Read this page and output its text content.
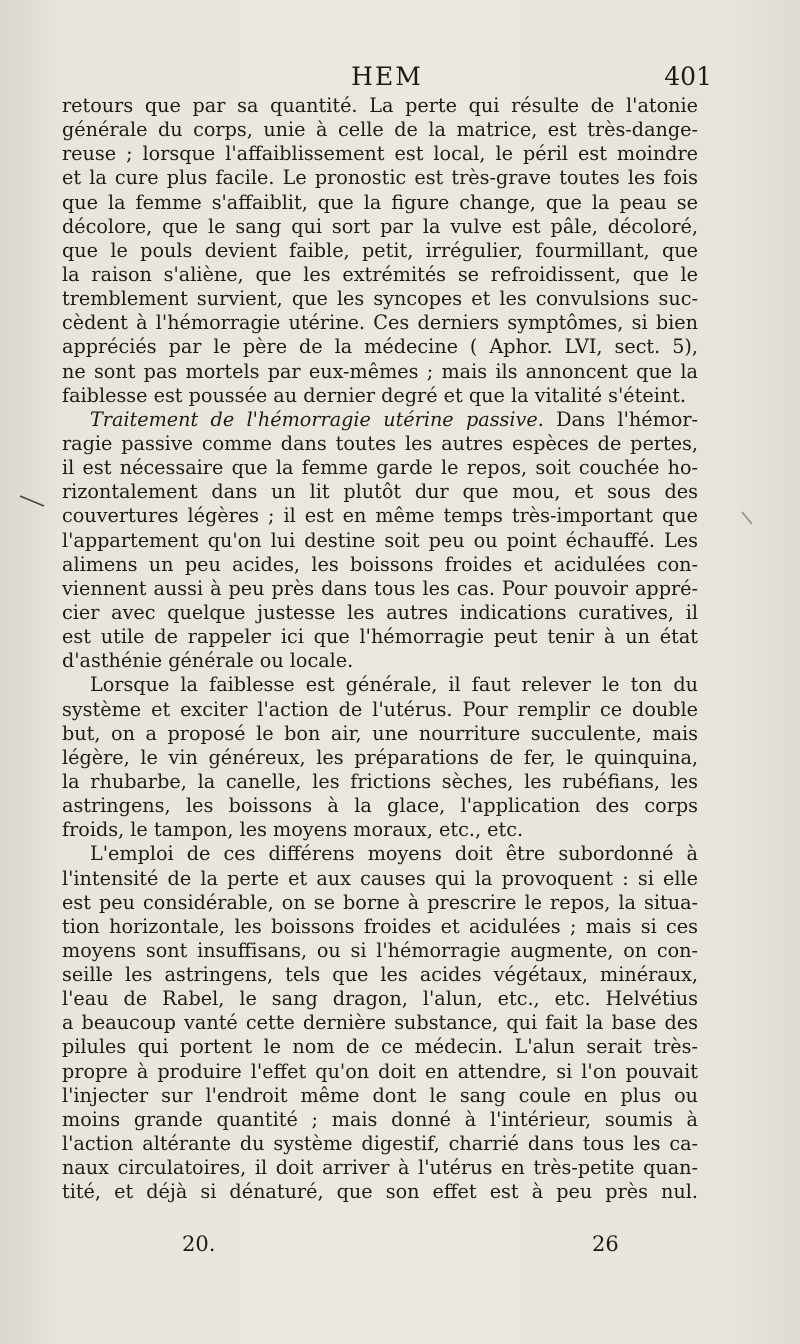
HEM	401
retours que par sa quantité. La perte qui résulte de l'atonie
générale du corps, unie à celle de la matrice, est très-dange-
reuse ; lorsque l'affaiblissement est local, le péril est moindre
et la cure plus facile. Le pronostic est très-grave toutes les fois
que la femme s'affaiblit, que la figure change, que la peau se
décolore, que le sang qui sort par la vulve est pâle, décoloré,
que le pouls devient faible, petit, irrégulier, fourmillant, que
la raison s'aliène, que les extrémités se refroidissent, que le
tremblement survient, que les syncopes et les convulsions suc-
cèdent à l'hémorragie utérine. Ces derniers symptômes, si bien
appréciés par le père de la médecine ( Aphor. LVI, sect. 5),
ne sont pas mortels par eux-mêmes ; mais ils annoncent que la
faiblesse est poussée au dernier degré et que la vitalité s'éteint.
Traitement de l'hémorragie utérine passive. Dans l'hémor-
ragie passive comme dans toutes les autres espèces de pertes,
il est nécessaire que la femme garde le repos, soit couchée ho-
rizontalement dans un lit plutôt dur que mou, et sous des
couvertures légères ; il est en même temps très-important que
l'appartement qu'on lui destine soit peu ou point échauffé. Les
alimens un peu acides, les boissons froides et acidulées con-
viennent aussi à peu près dans tous les cas. Pour pouvoir appré-
cier avec quelque justesse les autres indications curatives, il
est utile de rappeler ici que l'hémorragie peut tenir à un état
d'asthénie générale ou locale.
Lorsque la faiblesse est générale, il faut relever le ton du
système et exciter l'action de l'utérus. Pour remplir ce double
but, on a proposé le bon air, une nourriture succulente, mais
légère, le vin généreux, les préparations de fer, le quinquina,
la rhubarbe, la canelle, les frictions sèches, les rubéfians, les
astringens, les boissons à la glace, l'application des corps
froids, le tampon, les moyens moraux, etc., etc.
L'emploi de ces différens moyens doit être subordonné à
l'intensité de la perte et aux causes qui la provoquent : si elle
est peu considérable, on se borne à prescrire le repos, la situa-
tion horizontale, les boissons froides et acidulées ; mais si ces
moyens sont insuffisans, ou si l'hémorragie augmente, on con-
seille les astringens, tels que les acides végétaux, minéraux,
l'eau de Rabel, le sang dragon, l'alun, etc., etc. Helvétius
a beaucoup vanté cette dernière substance, qui fait la base des
pilules qui portent le nom de ce médecin. L'alun serait très-
propre à produire l'effet qu'on doit en attendre, si l'on pouvait
l'injecter sur l'endroit même dont le sang coule en plus ou
moins grande quantité ; mais donné à l'intérieur, soumis à
l'action altérante du système digestif, charrié dans tous les ca-
naux circulatoires, il doit arriver à l'utérus en très-petite quan-
tité, et déjà si dénaturé, que son effet est à peu près nul.
20.	26
